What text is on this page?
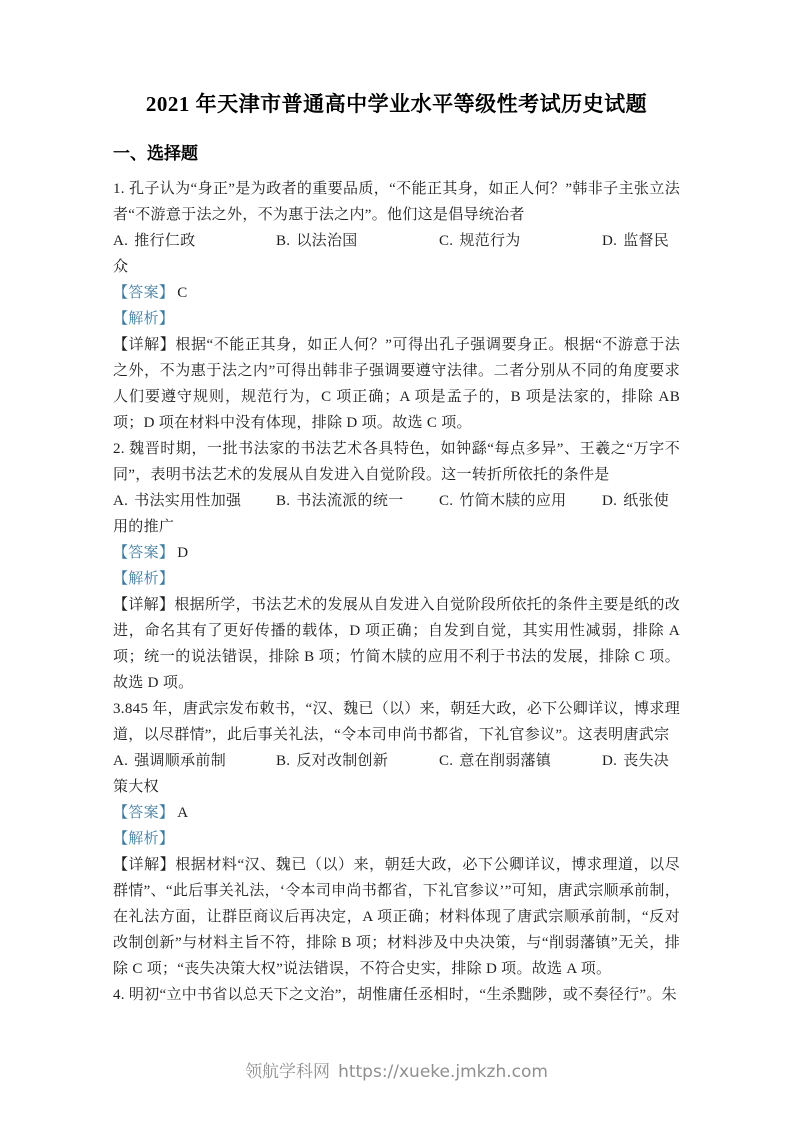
2021 年天津市普通高中学业水平等级性考试历史试题
一、选择题

1. 孔子认为“身正”是为政者的重要品质，“不能正其身，如正人何？”韩非子主张立法者“不游意于法之外，不为惠于法之内”。他们这是倡导统治者

A. 推行仁政	B. 以法治国	C. 规范行为	D. 监督民众

【答案】 C

【解析】

【详解】根据“不能正其身，如正人何？”可得出孔子强调要身正。根据“不游意于法之外，不为惠于法之内”可得出韩非子强调要遵守法律。二者分别从不同的角度要求人们要遵守规则，规范行为，C 项正确；A 项是孟子的，B 项是法家的，排除 AB 项；D 项在材料中没有体现，排除 D 项。故选 C 项。

2. 魏晋时期，一批书法家的书法艺术各具特色，如钟繇“每点多异”、王羲之“万字不同”，表明书法艺术的发展从自发进入自觉阶段。这一转折所依托的条件是

A. 书法实用性加强 B. 书法流派的统一 C. 竹简木牍的应用 D. 纸张使用的推广

【答案】 D

【解析】

【详解】根据所学，书法艺术的发展从自发进入自觉阶段所依托的条件主要是纸的改进，命名其有了更好传播的载体，D 项正确；自发到自觉，其实用性减弱，排除 A 项；统一的说法错误，排除 B 项；竹简木牍的应用不利于书法的发展，排除 C 项。故选 D 项。

3.845 年，唐武宗发布敕书，“汉、魏已（以）来，朝廷大政，必下公卿详议，博求理道，以尽群情”，此后事关礼法，“令本司申尚书都省，下礼官参议”。这表明唐武宗

A. 强调顺承前制	B. 反对改制创新	C. 意在削弱藩镇	D. 丧失决策大权

【答案】 A

【解析】

【详解】根据材料“汉、魏已（以）来，朝廷大政，必下公卿详议，博求理道，以尽群情”、“此后事关礼法，‘令本司申尚书都省，下礼官参议’”可知，唐武宗顺承前制，在礼法方面，让群臣商议后再决定，A 项正确；材料体现了唐武宗顺承前制，“反对改制创新”与材料主旨不符，排除 B 项；材料涉及中央决策，与“削弱藩镇”无关，排除 C 项；“丧失决策大权”说法错误，不符合史实，排除 D 项。故选 A 项。

4. 明初“立中书省以总天下之文治”，胡惟庸任丞相时，“生杀黜陟，或不奏径行”。朱

领航学科网 https://xueke.jmkzh.com
